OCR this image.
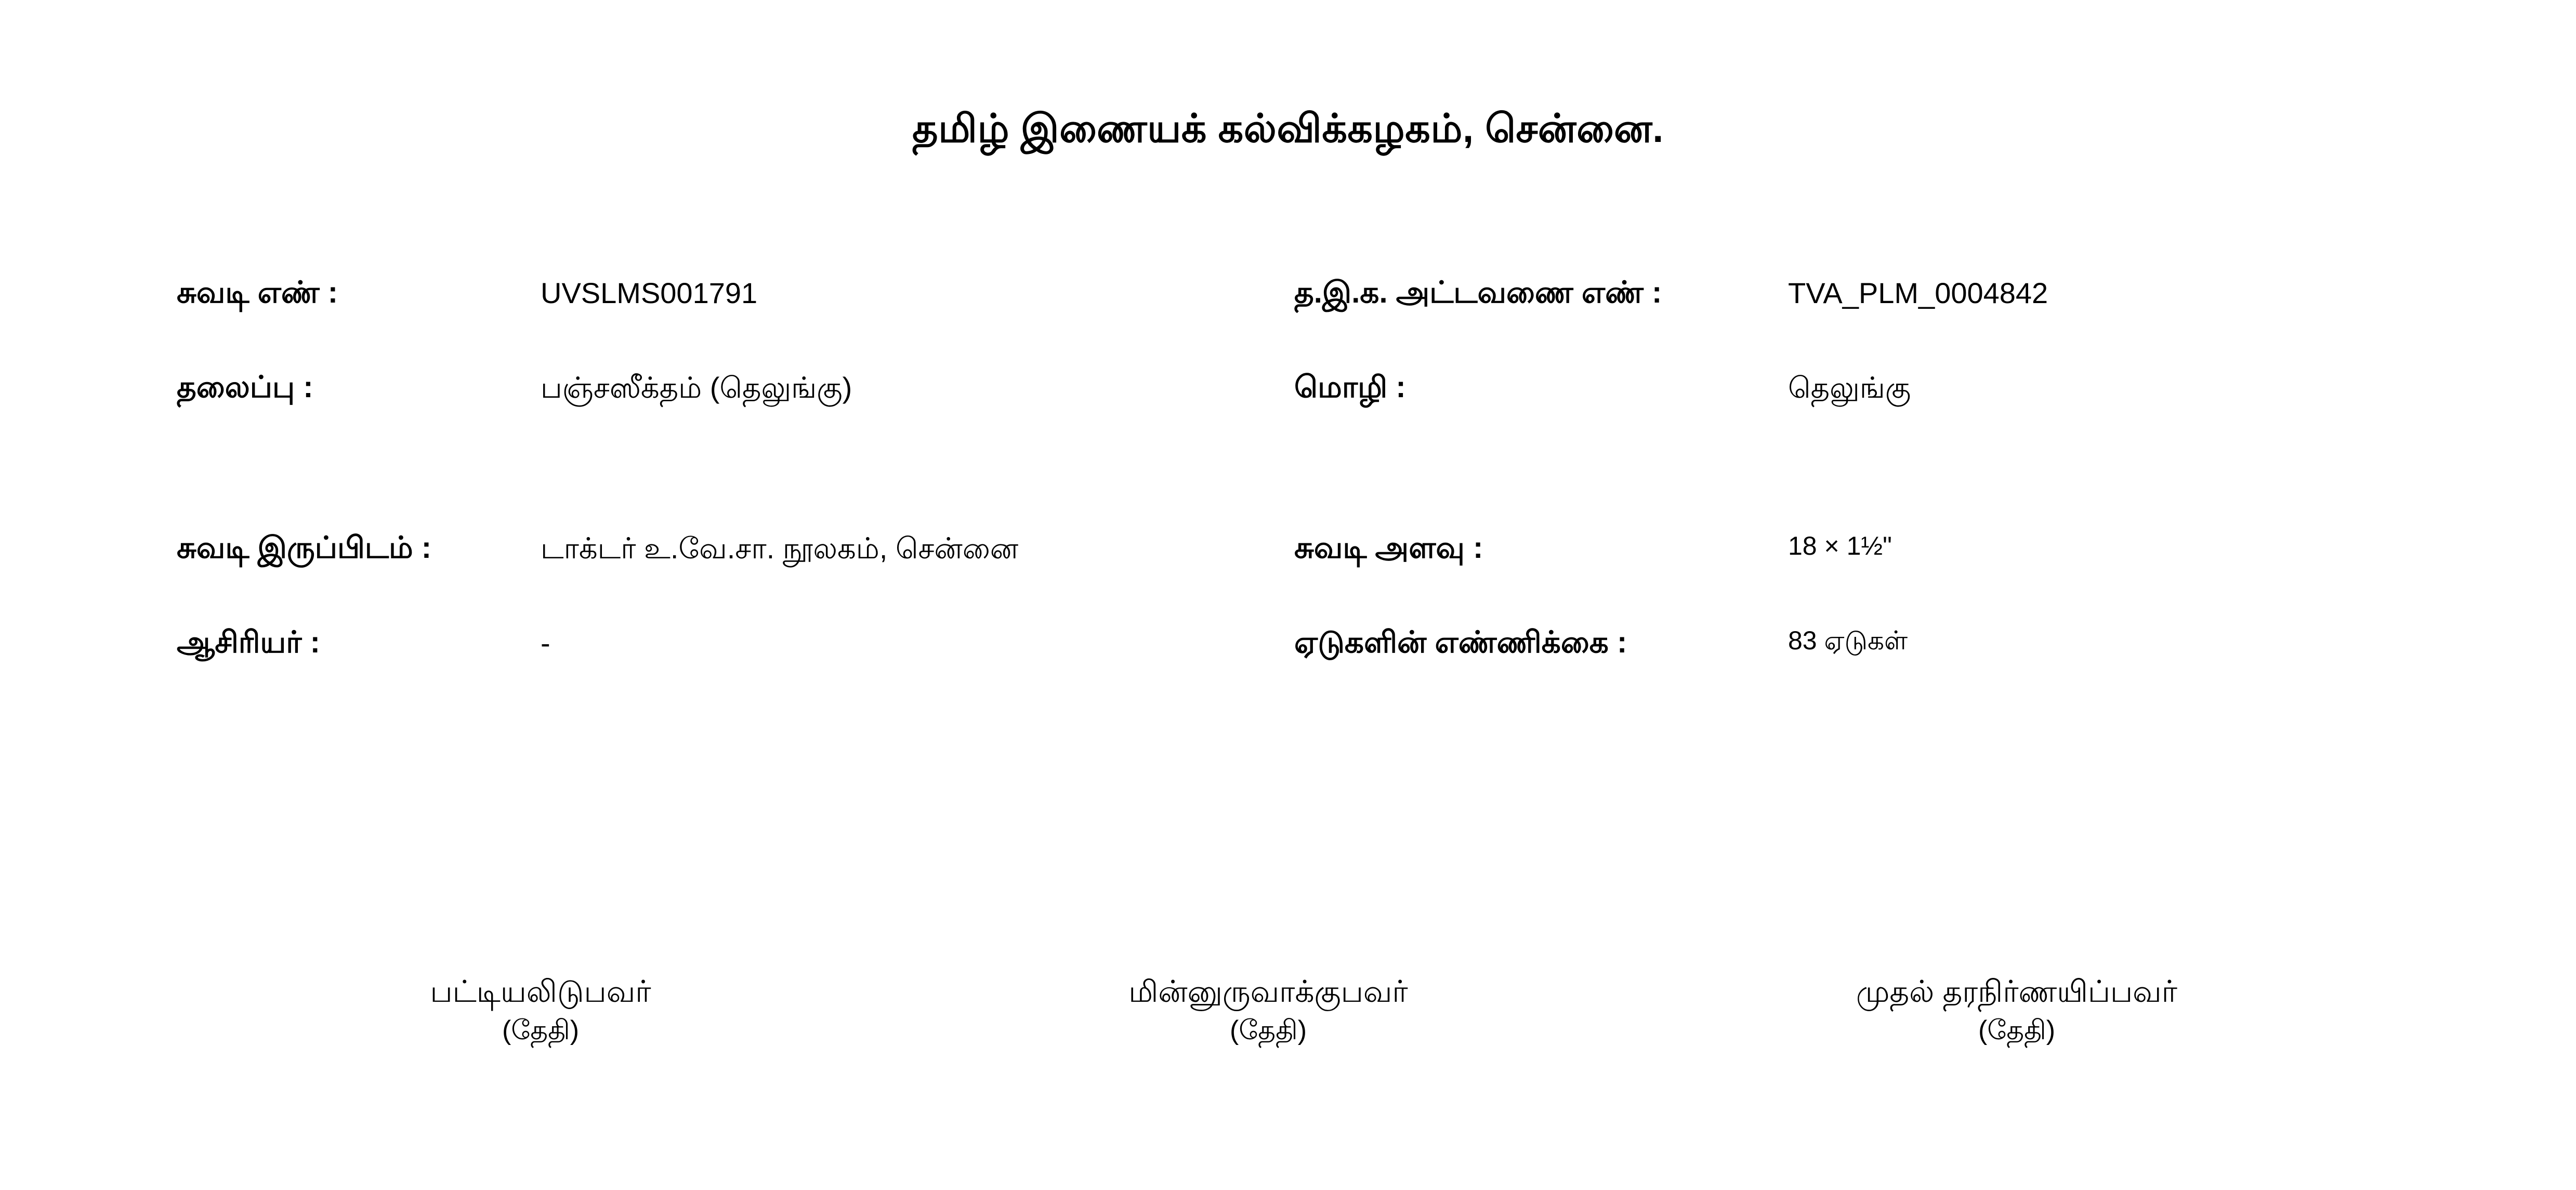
தமிழ் இணையக் கல்விக்கழகம், சென்னை.
சுவடி எண் :	UVSLMS001791	த.இ.க. அட்டவணை எண் :	TVA_PLM_0004842
தலைப்பு :	பஞ்சஸீக்தம் (தெலுங்கு)	மொழி :	தெலுங்கு
சுவடி இருப்பிடம் :	டாக்டர் உ.வே.சா. நூலகம், சென்னை	சுவடி அளவு :	18 × 1½"
ஆசிரியர் :	-	ஏடுகளின் எண்ணிக்கை :	83 ஏடுகள்
பட்டியலிடுபவர்
(தேதி)
மின்னுருவாக்குபவர்
(தேதி)
முதல் தரநிர்ணயிப்பவர்
(தேதி)
